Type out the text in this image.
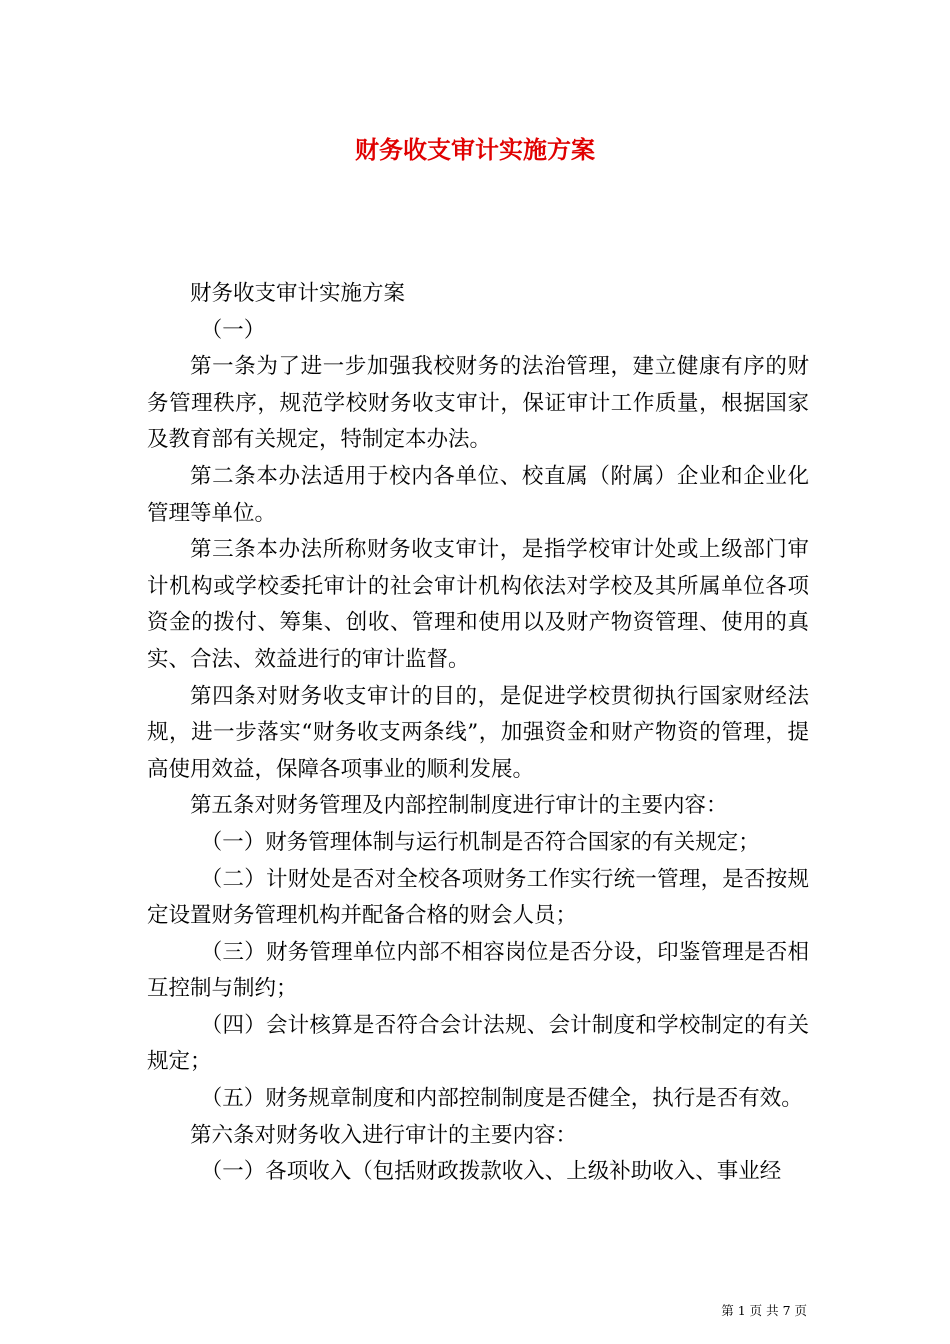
财务收支审计实施方案

财务收支审计实施方案

（一）

第一条为了进一步加强我校财务的法治管理，建立健康有序的财务管理秩序，规范学校财务收支审计，保证审计工作质量，根据国家及教育部有关规定，特制定本办法。

第二条本办法适用于校内各单位、校直属（附属）企业和企业化管理等单位。

第三条本办法所称财务收支审计，是指学校审计处或上级部门审计机构或学校委托审计的社会审计机构依法对学校及其所属单位各项资金的拨付、筹集、创收、管理和使用以及财产物资管理、使用的真实、合法、效益进行的审计监督。

第四条对财务收支审计的目的，是促进学校贯彻执行国家财经法规，进一步落实“财务收支两条线”，加强资金和财产物资的管理，提高使用效益，保障各项事业的顺利发展。

第五条对财务管理及内部控制制度进行审计的主要内容：

（一）财务管理体制与运行机制是否符合国家的有关规定；

（二）计财处是否对全校各项财务工作实行统一管理，是否按规定设置财务管理机构并配备合格的财会人员；

（三）财务管理单位内部不相容岗位是否分设，印鉴管理是否相互控制与制约；

（四）会计核算是否符合会计法规、会计制度和学校制定的有关规定；

（五）财务规章制度和内部控制制度是否健全，执行是否有效。

第六条对财务收入进行审计的主要内容：

（一）各项收入（包括财政拨款收入、上级补助收入、事业经

第 1 页 共 7 页
